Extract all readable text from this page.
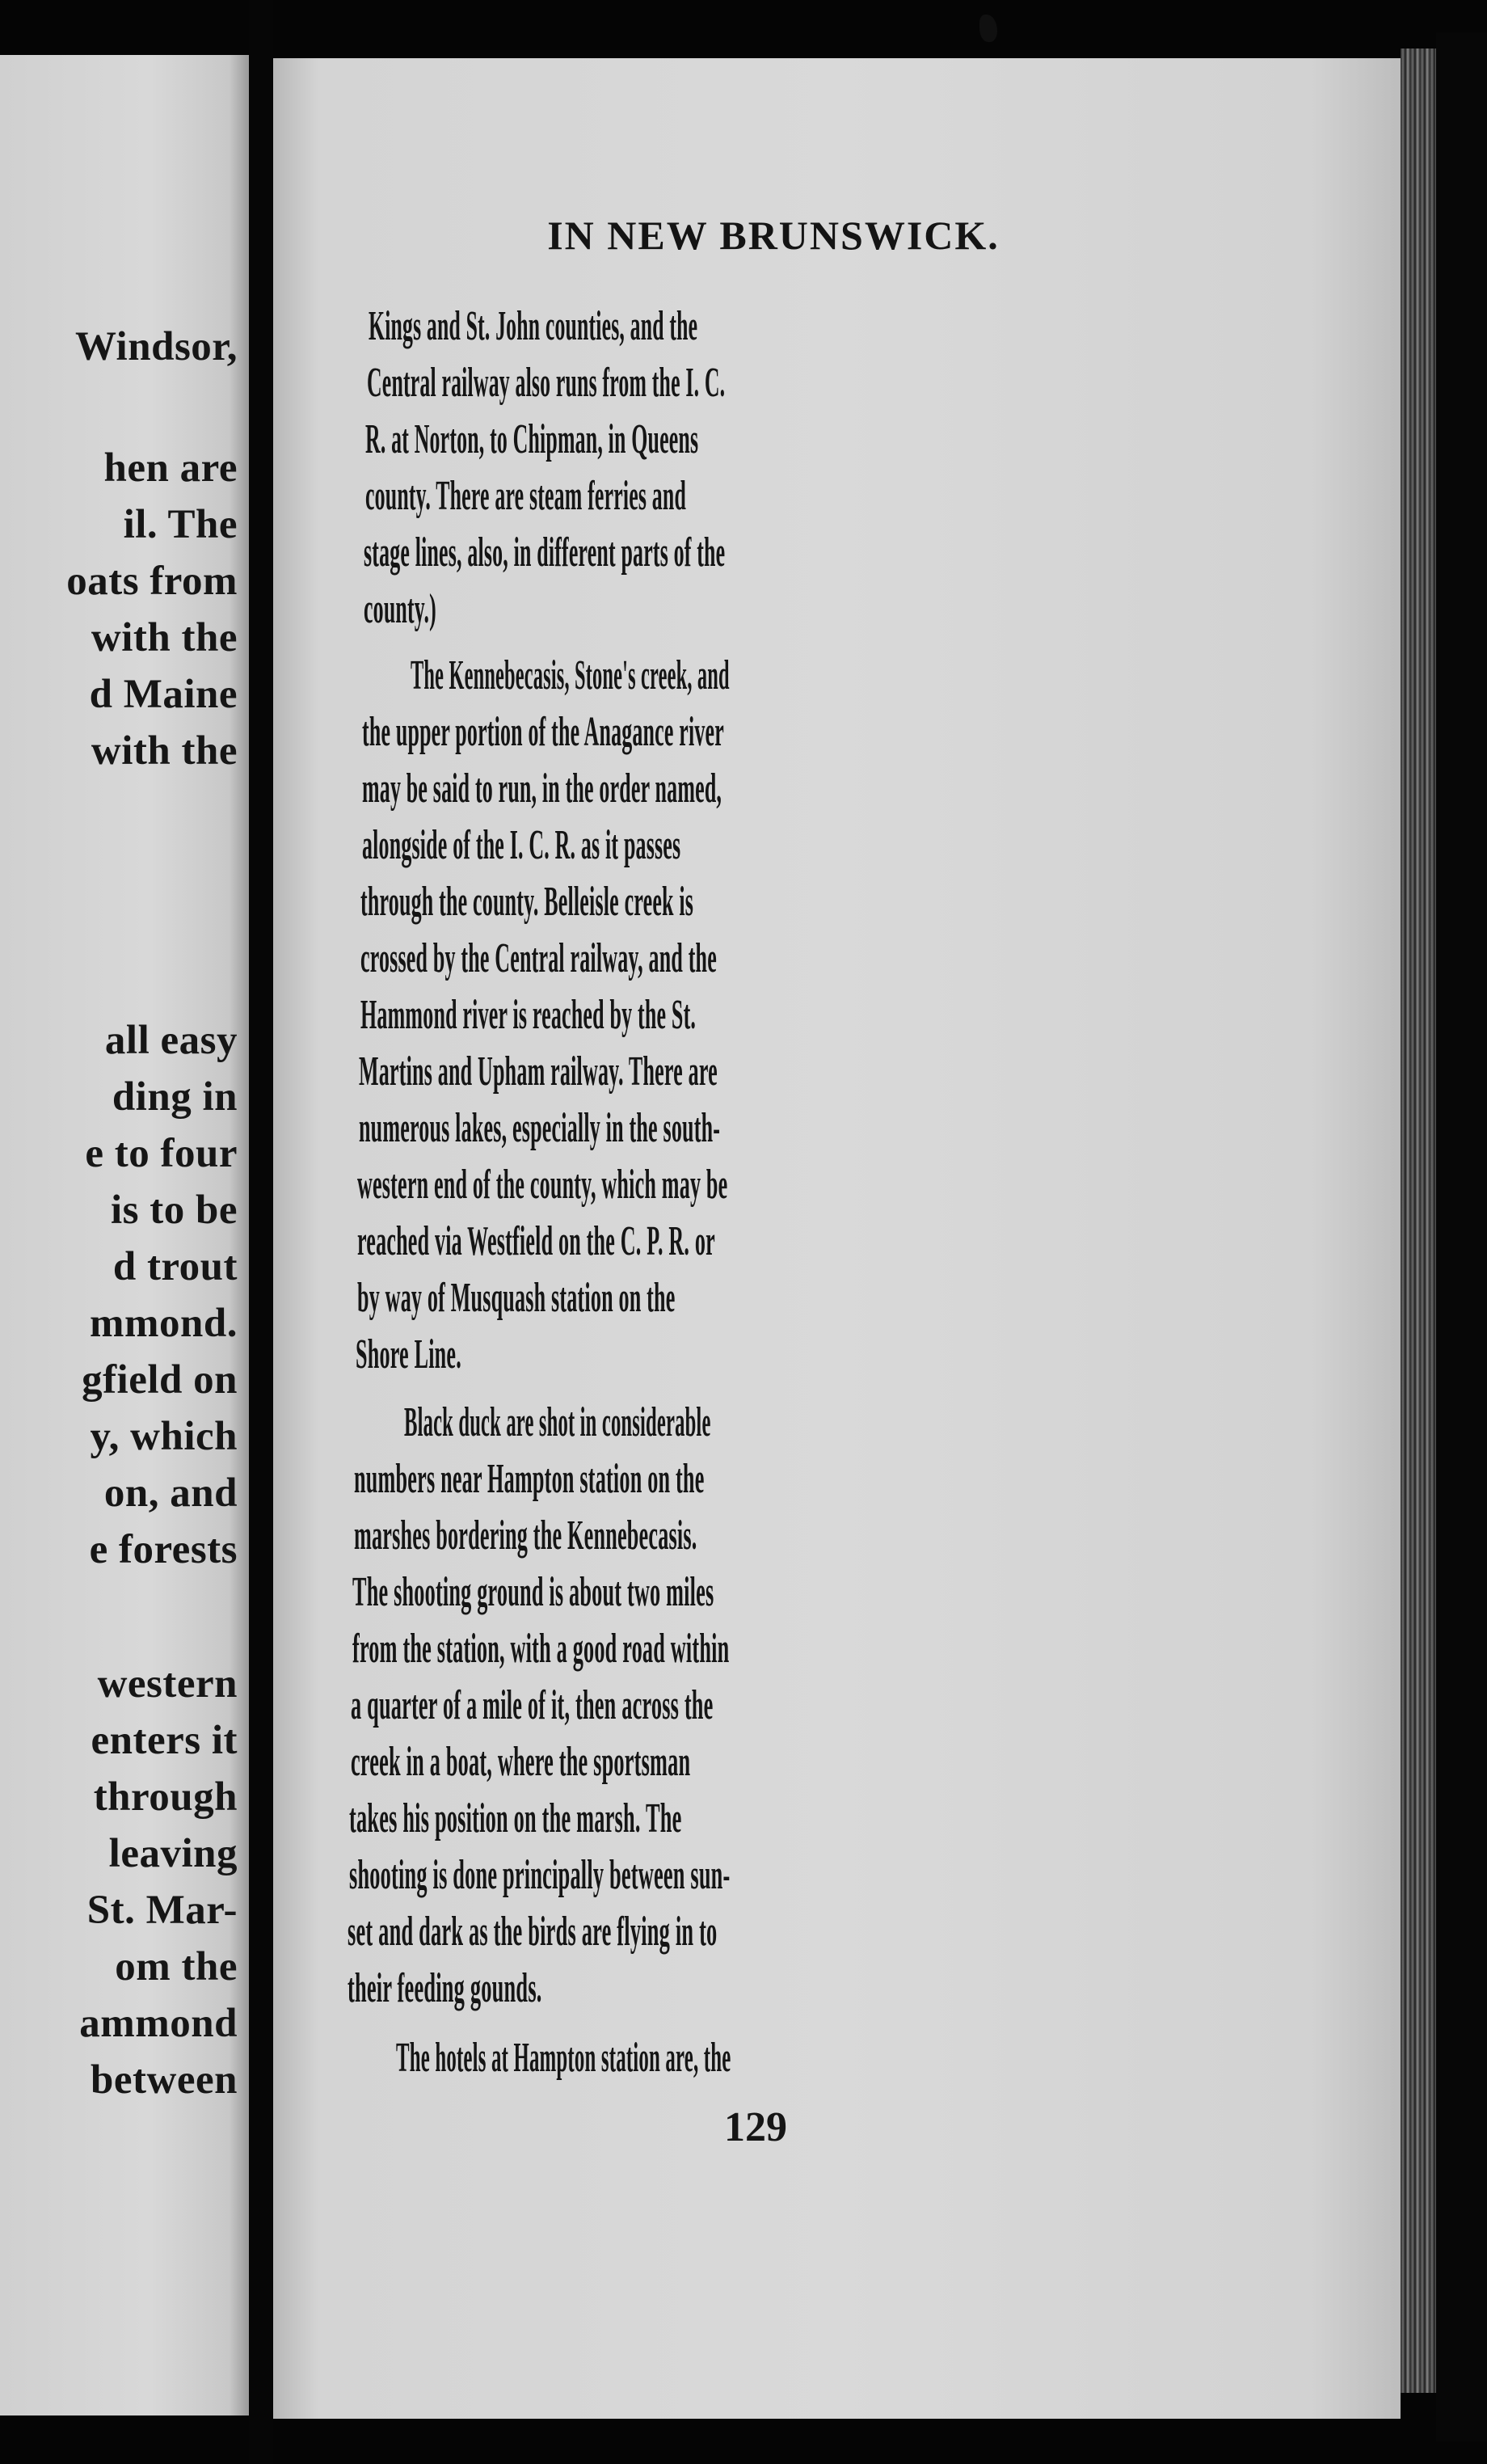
Windsor,
hen are
il. The
oats from
with the
d Maine
with the
all easy
ding in
e to four
is to be
d trout
mmond.
gfield on
y, which
on, and
e forests
western
enters it
through
leaving
St. Mar-
om the
ammond
between
IN NEW BRUNSWICK.
Kings and St. John counties, and the
Central railway also runs from the I. C.
R. at Norton, to Chipman, in Queens
county. There are steam ferries and
stage lines, also, in different parts of the
county.)
The Kennebecasis, Stone's creek, and
the upper portion of the Anagance river
may be said to run, in the order named,
alongside of the I. C. R. as it passes
through the county. Belleisle creek is
crossed by the Central railway, and the
Hammond river is reached by the St.
Martins and Upham railway. There are
numerous lakes, especially in the south-
western end of the county, which may be
reached via Westfield on the C. P. R. or
by way of Musquash station on the
Shore Line.
Black duck are shot in considerable
numbers near Hampton station on the
marshes bordering the Kennebecasis.
The shooting ground is about two miles
from the station, with a good road within
a quarter of a mile of it, then across the
creek in a boat, where the sportsman
takes his position on the marsh. The
shooting is done principally between sun-
set and dark as the birds are flying in to
their feeding gounds.
The hotels at Hampton station are, the
129
